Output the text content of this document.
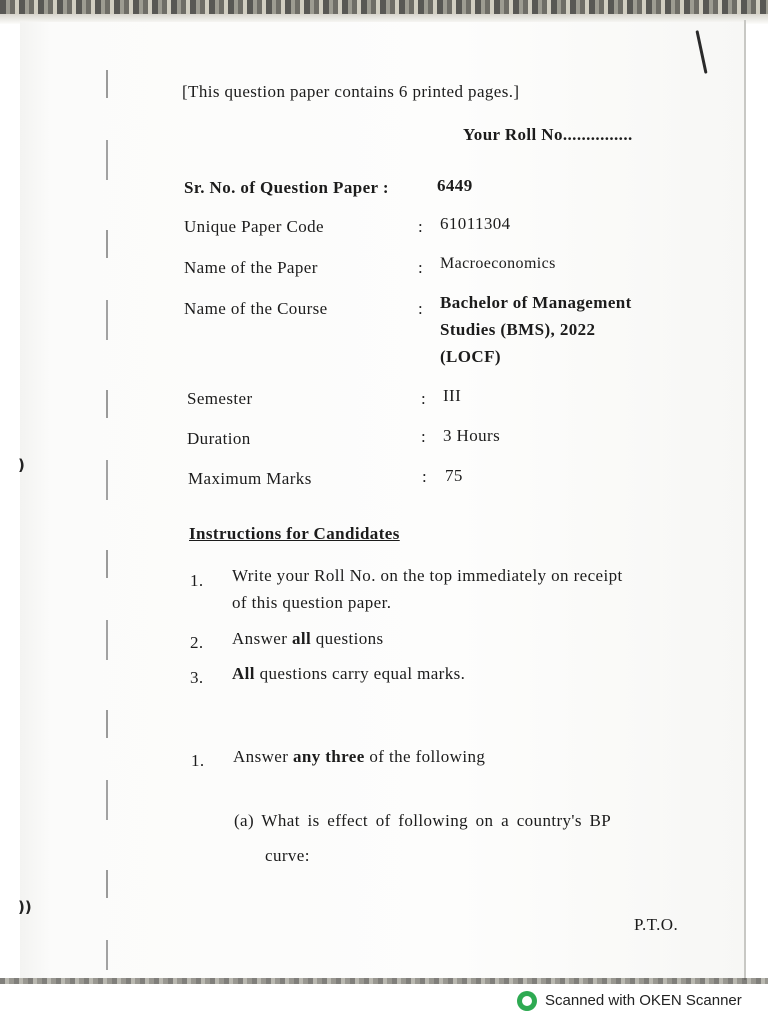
)
))
[This question paper contains 6 printed pages.]
Your Roll No...............
Sr. No. of Question Paper :	6449
Unique Paper Code	: 61011304
Name of the Paper	: Macroeconomics
Name of the Course	: Bachelor of Management
Studies (BMS), 2022
(LOCF)
Semester	: III
Duration	: 3 Hours
Maximum Marks	: 75
Instructions for Candidates
1. Write your Roll No. on the top immediately on receipt
of this question paper.
2. Answer all questions
3. All questions carry equal marks.
1. Answer any three of the following
(a) What is effect of following on a country's BP
curve:
P.T.O.
Scanned with OKEN Scanner
